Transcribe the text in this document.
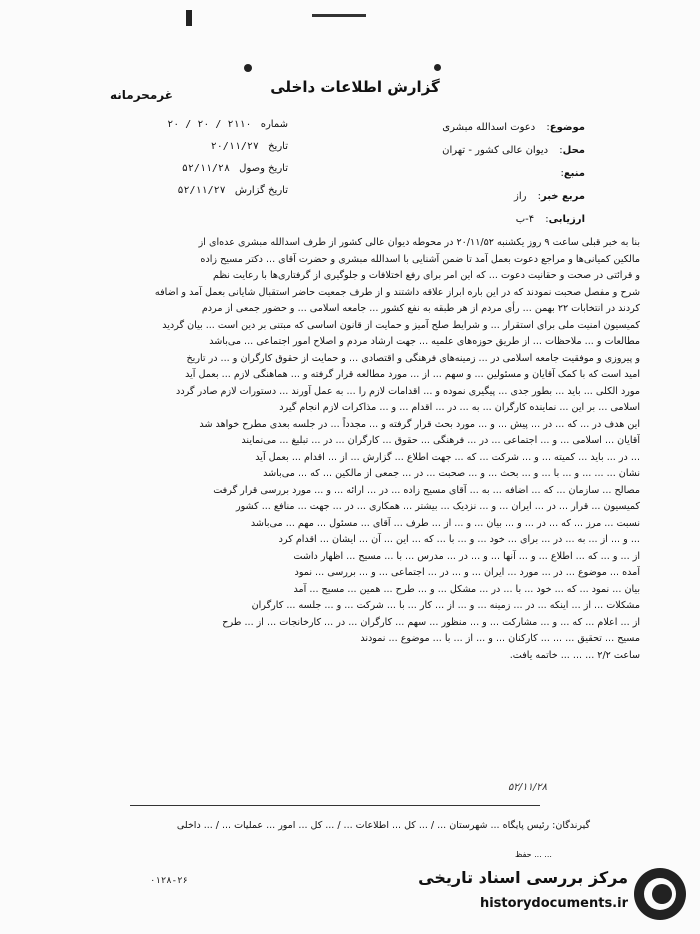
غرمحرمانه	گزارش اطلاعات داخلی
شماره ۲۱۱۰ / ۲۰ / ۲۰
تاریخ ۲۰/۱۱/۲۷
تاریخ وصول ۵۲/۱۱/۲۸
تاریخ گزارش ۵۲/۱۱/۲۷
موضوع: دعوت اسدالله مبشری
محل: دیوان عالی کشور - تهران
منبع:
مربع خبر: راز
ارزیابی: ۴-ب

بنا به خبر قبلی ساعت ۹ روز یکشنبه ۲۰/۱۱/۵۲ در محوطه دیوان عالی کشور از طرف اسدالله مبشری عده‌ای از

مالکین کمیانی‌ها و مراجع دعوت بعمل آمد تا ضمن آشنایی با اسدالله مبشری و حضرت آقای ... دکتر مسیح زاده

و قرائتی در صحت و حقانیت دعوت ... که این امر برای رفع اختلافات و جلوگیری از گرفتاری‌ها با رعایت نظم

شرح و مفصل صحبت نمودند که در این باره ابراز علاقه داشتند و از طرف جمعیت حاضر استقبال شایانی بعمل آمد و اضافه

کردند در انتخابات ۲۲ بهمن ... رأی مردم از هر طبقه به نفع کشور ... جامعه اسلامی ... و حضور جمعی از مردم

کمیسیون امنیت ملی برای استقرار ... و شرایط صلح آمیز و حمایت از قانون اساسی که مبتنی بر دین است ... بیان گردید

مطالعات و ... ملاحظات ... از طریق حوزه‌های علمیه ... جهت ارشاد مردم و اصلاح امور اجتماعی ... می‌باشد

و پیروزی و موفقیت جامعه اسلامی در ... زمینه‌های فرهنگی و اقتصادی ... و حمایت از حقوق کارگران و ... در تاریخ

امید است که با کمک آقایان و مسئولین ... و سهم ... از ... مورد مطالعه قرار گرفته و ... هماهنگی لازم ... بعمل آید

مورد الکلی ... باید ... بطور جدی ... پیگیری نموده و ... اقدامات لازم را ... به عمل آورند ... دستورات لازم صادر گردد

اسلامی ... بر این ... نماینده کارگران ... به ... در ... اقدام ... و ... مذاکرات لازم انجام گیرد

این هدف در ... که ... در ... پیش ... و ... مورد بحث قرار گرفته و ... مجدداً ... در جلسه بعدی مطرح خواهد شد

آقایان ... اسلامی ... و ... اجتماعی ... در ... فرهنگی ... حقوق ... کارگران ... در ... تبلیغ ... می‌نمایند

... در ... باید ... کمیته ... و ... شرکت ... که ... جهت اطلاع ... گزارش ... از ... اقدام ... بعمل آید

نشان ... ... ... و ... با ... و ... بحث ... و ... صحبت ... در ... جمعی از مالکین ... که ... می‌باشد

مصالح ... سازمان ... که ... اضافه ... به ... آقای مسیح زاده ... در ... ارائه ... و ... مورد بررسی قرار گرفت

کمیسیون ... قرار ... در ... ایران ... و ... نزدیک ... بیشتر ... همکاری ... در ... جهت ... منافع ... کشور

نسبت ... مرز ... که ... در ... و ... بیان ... و ... از ... طرف ... آقای ... مسئول ... مهم ... می‌باشد

... و ... از ... به ... در ... برای ... خود ... و ... با ... که ... این ... آن ... ایشان ... اقدام کرد

از ... و ... که ... اطلاع ... و ... آنها ... و ... در ... مدرس ... با ... مسیح ... اظهار داشت

آمده ... موضوع ... در ... مورد ... ایران ... و ... در ... اجتماعی ... و ... بررسی ... نمود

بیان ... نمود ... که ... خود ... با ... در ... مشکل ... و ... طرح ... همین ... مسیح ... آمد

مشکلات ... از ... اینکه ... در ... زمینه ... و ... از ... کار ... با ... شرکت ... و ... جلسه ... کارگران

از ... اعلام ... که ... و ... مشارکت ... و ... منظور ... سهم ... کارگران ... در ... کارخانجات ... از ... طرح

مسیح ... تحقیق ... ... ... کارکنان ... و ... از ... با ... موضوع ... نمودند

ساعت ۲/۲ ... ... ... خاتمه یافت.

۵۲/۱۱/۲۸
گیرندگان: رئیس پایگاه ... شهرستان ... / ... کل ... اطلاعات ... / ... کل ... امور ... عملیات ... / ... داخلی
... ... حفظ
۰۱۲۸-۲۶	مرکز بررسی اسناد تاریخی
historydocuments.ir
